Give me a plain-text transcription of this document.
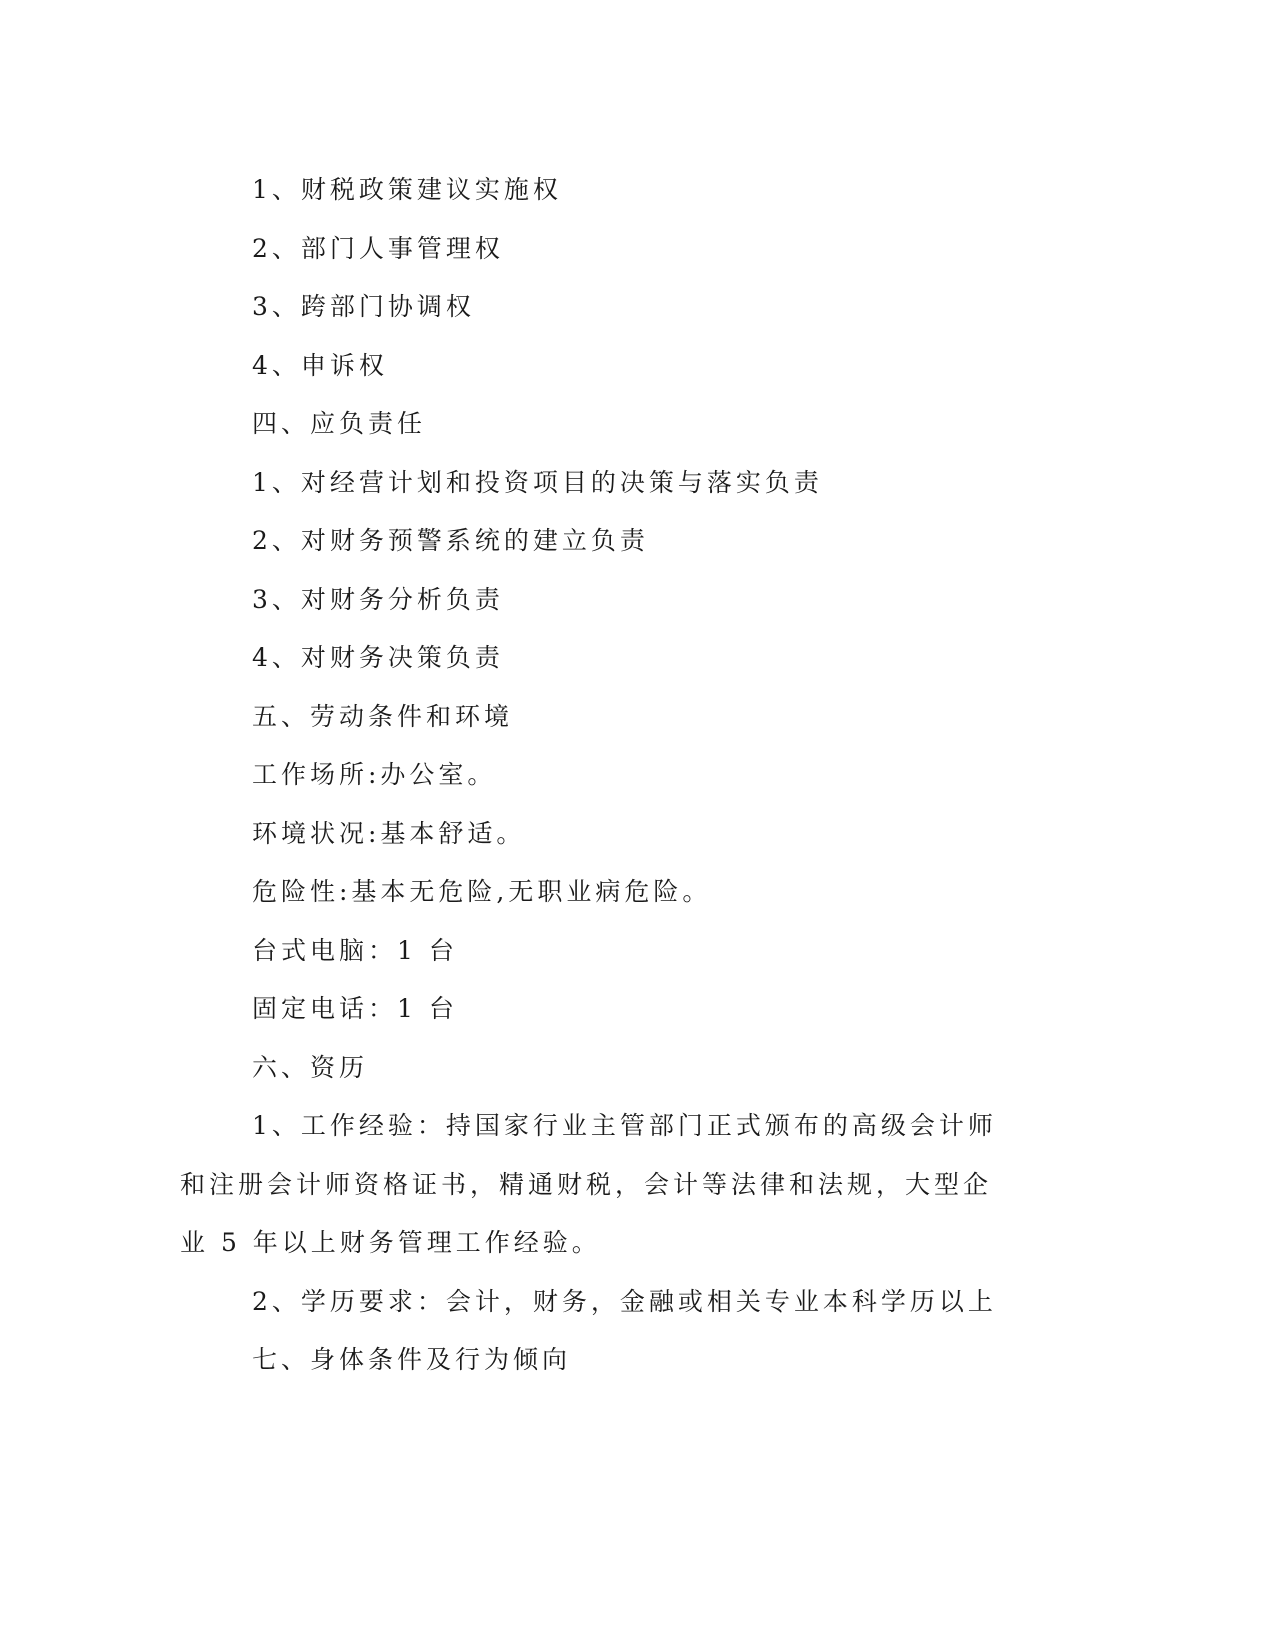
1、财税政策建议实施权

2、部门人事管理权

3、跨部门协调权

4、申诉权

四、应负责任

1、对经营计划和投资项目的决策与落实负责

2、对财务预警系统的建立负责

3、对财务分析负责

4、对财务决策负责

五、劳动条件和环境

工作场所:办公室。

环境状况:基本舒适。

危险性:基本无危险,无职业病危险。

台式电脑：1 台

固定电话：1 台

六、资历

1、工作经验：持国家行业主管部门正式颁布的高级会计师和注册会计师资格证书，精通财税，会计等法律和法规，大型企业 5 年以上财务管理工作经验。

2、学历要求：会计，财务，金融或相关专业本科学历以上

七、身体条件及行为倾向
